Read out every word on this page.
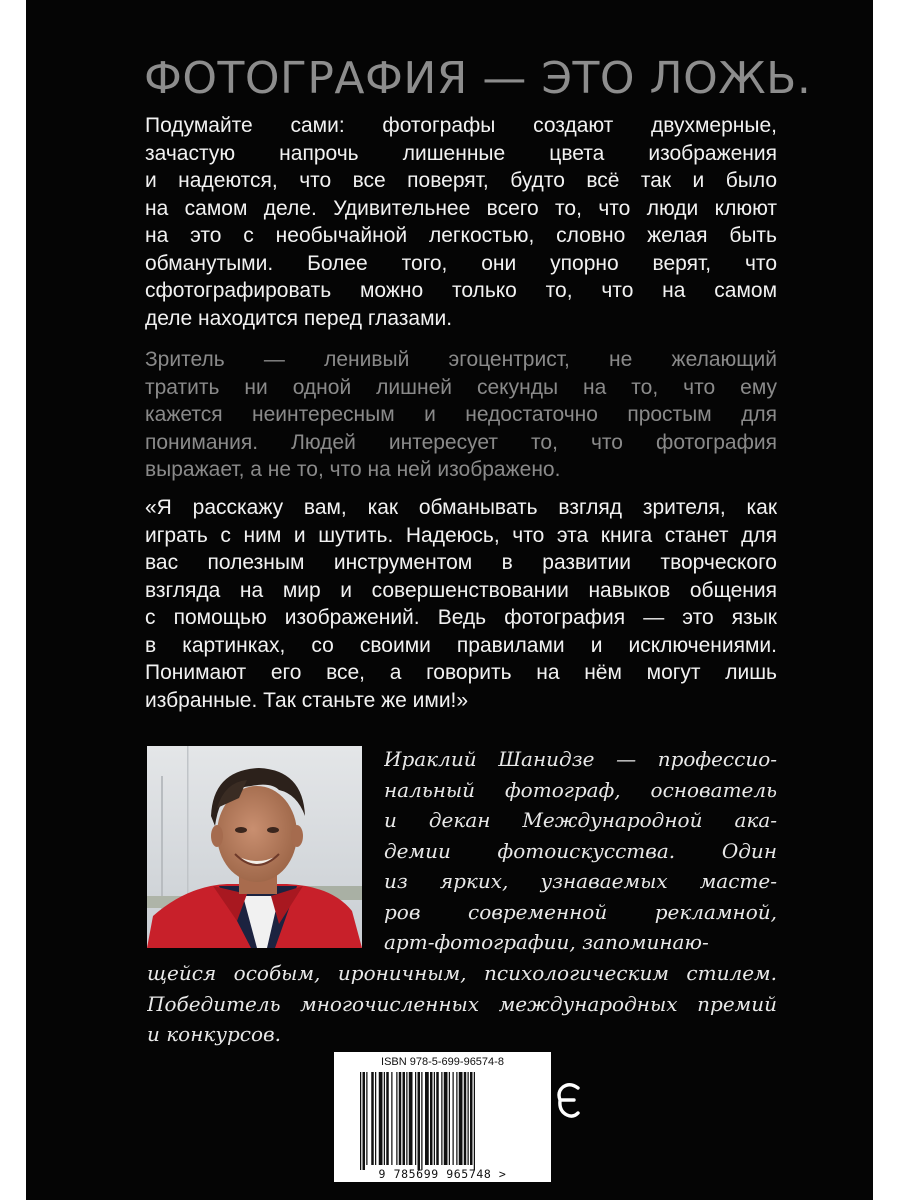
ФОТОГРАФИЯ — ЭТО ЛОЖЬ.
Подумайте сами: фотографы создают двухмерные,
зачастую напрочь лишенные цвета изображения
и надеются, что все поверят, будто всё так и было
на самом деле. Удивительнее всего то, что люди клюют
на это с необычайной легкостью, словно желая быть
обманутыми. Более того, они упорно верят, что
сфотографировать можно только то, что на самом
деле находится перед глазами.
Зритель — ленивый эгоцентрист, не желающий
тратить ни одной лишней секунды на то, что ему
кажется неинтересным и недостаточно простым для
понимания. Людей интересует то, что фотография
выражает, а не то, что на ней изображено.
«Я расскажу вам, как обманывать взгляд зрителя, как
играть с ним и шутить. Надеюсь, что эта книга станет для
вас полезным инструментом в развитии творческого
взгляда на мир и совершенствовании навыков общения
с помощью изображений. Ведь фотография — это язык
в картинках, со своими правилами и исключениями.
Понимают его все, а говорить на нём могут лишь
избранные. Так станьте же ими!»
Ираклий Шанидзе — профессио-
нальный фотограф, основатель
и декан Международной ака-
демии фотоискусства. Один
из ярких, узнаваемых масте-
ров современной рекламной,
арт-фотографии, запоминаю-
щейся особым, ироничным, психологическим стилем.
Победитель многочисленных международных премий
и конкурсов.
ISBN 978-5-699-96574-8
9 785699 965748 >
